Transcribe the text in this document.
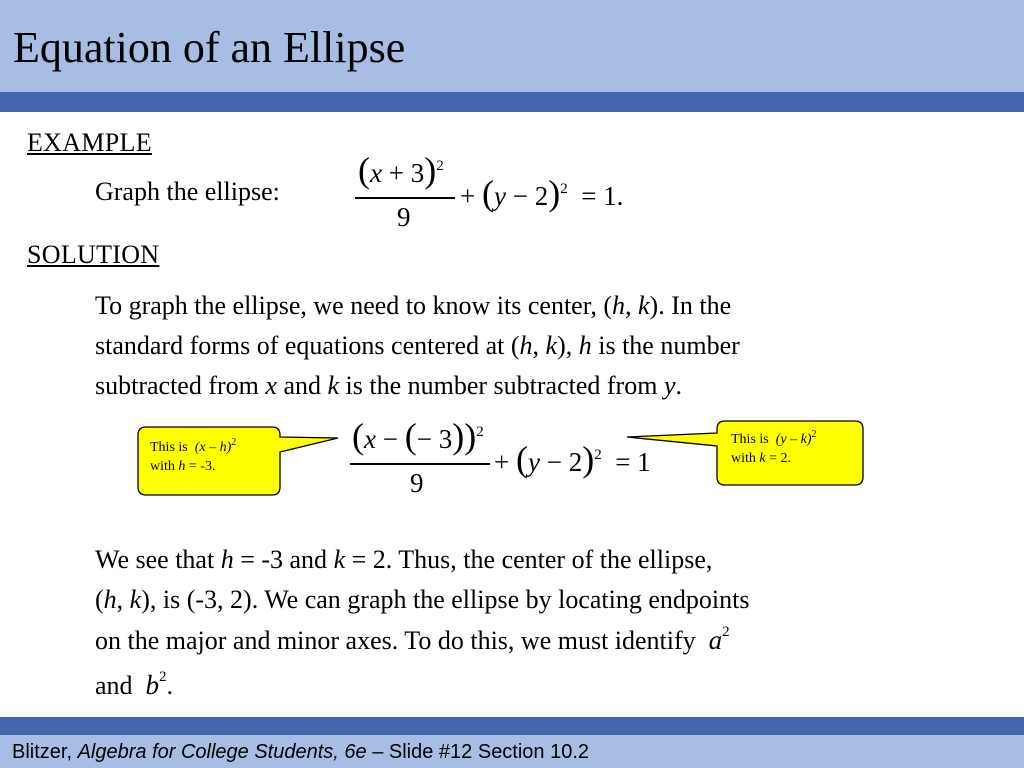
Equation of an Ellipse
EXAMPLE
Graph the ellipse:
$(x + 3)^2$
9
+ $(y - 2)^2 = 1$.
SOLUTION
To graph the ellipse, we need to know its center, (h, k). In the
standard forms of equations centered at (h, k), h is the number
subtracted from x and k is the number subtracted from y.
This is (x – h)$^2$
with h = -3.
This is (y – k)$^2$
with k = 2.
(x − (− 3))$^2$
9
+ $(y - 2)^2 = 1$
We see that h = -3 and k = 2. Thus, the center of the ellipse,
(h, k), is (-3, 2). We can graph the ellipse by locating endpoints
on the major and minor axes. To do this, we must identify $a^2$
and $b^2$.
Blitzer, Algebra for College Students, 6e – Slide #12 Section 10.2
